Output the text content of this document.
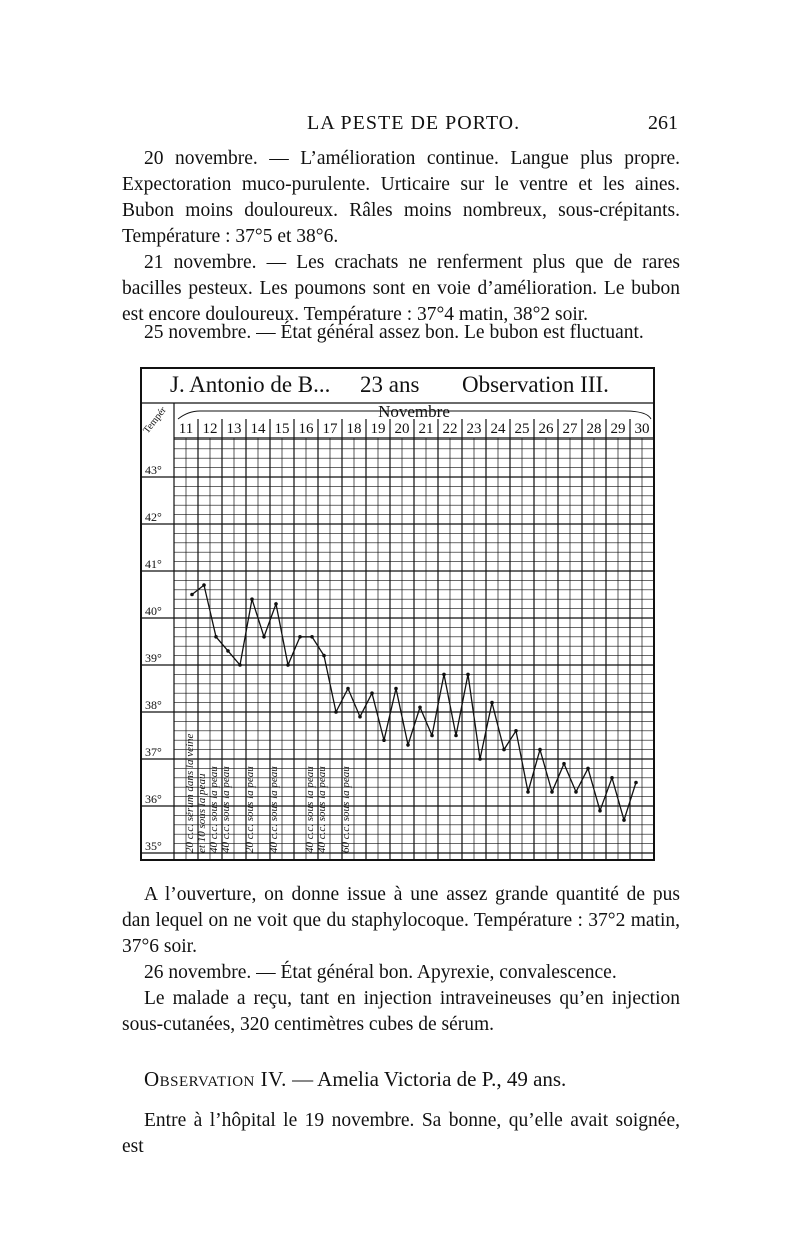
LA PESTE DE PORTO.	261

20 novembre. — L’amélioration continue. Langue plus propre. Expectoration muco-purulente. Urticaire sur le ventre et les aines. Bubon moins douloureux. Râles moins nombreux, sous-crépitants. Température : 37°5 et 38°6.

21 novembre. — Les crachats ne renferment plus que de rares bacilles pesteux. Les poumons sont en voie d’amélioration. Le bubon est encore douloureux. Température : 37°4 matin, 38°2 soir.

25 novembre. — État général assez bon. Le bubon est fluctuant.

Novembre
Tempér 11 12 13 14 15 16 17 18 19 20 21 22 23 24 25 26 27 28 29 30
43°
42°
41°
40°
39°
38°
37°
36°
35° 20 c.c. sérum dans la veine et 10 sous la peau 40 c.c. sous la peau 40 c.c. sous la peau 20 c.c. sous la peau 40 c.c. sous la peau 40 c.c. sous la peau 40 c.c. sous la peau 60 c.c. sous la peau
J. Antonio de B... 23 ans Observation III.

A l’ouverture, on donne issue à une assez grande quantité de pus dan lequel on ne voit que du staphylocoque. Température : 37°2 matin, 37°6 soir.

26 novembre. — État général bon. Apyrexie, convalescence.

Le malade a reçu, tant en injection intraveineuses qu’en injection sous-cutanées, 320 centimètres cubes de sérum.

Observation IV. — Amelia Victoria de P., 49 ans.

Entre à l’hôpital le 19 novembre. Sa bonne, qu’elle avait soignée, est
